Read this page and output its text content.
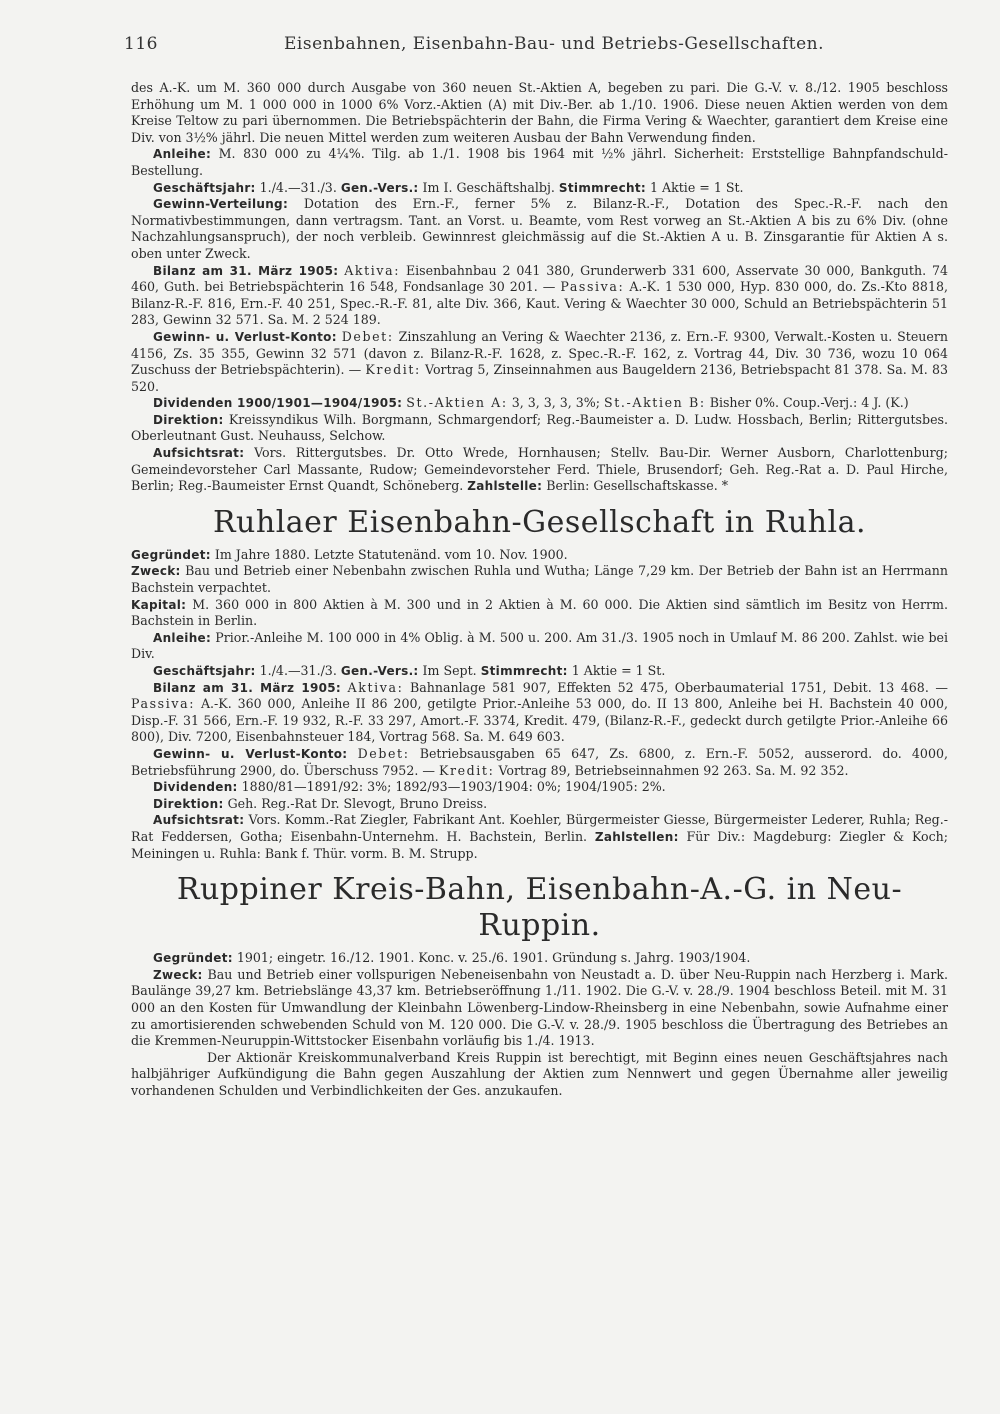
116	Eisenbahnen, Eisenbahn-Bau- und Betriebs-Gesellschaften.

des A.-K. um M. 360 000 durch Ausgabe von 360 neuen St.-Aktien A, begeben zu pari. Die G.-V. v. 8./12. 1905 beschloss Erhöhung um M. 1 000 000 in 1000 6% Vorz.-Aktien (A) mit Div.-Ber. ab 1./10. 1906. Diese neuen Aktien werden von dem Kreise Teltow zu pari übernommen. Die Betriebspächterin der Bahn, die Firma Vering & Waechter, garantiert dem Kreise eine Div. von 3½% jährl. Die neuen Mittel werden zum weiteren Ausbau der Bahn Verwendung finden.

Anleihe: M. 830 000 zu 4¼%. Tilg. ab 1./1. 1908 bis 1964 mit ½% jährl. Sicherheit: Erststellige Bahnpfandschuld-Bestellung.

Geschäftsjahr: 1./4.—31./3. Gen.-Vers.: Im I. Geschäftshalbj. Stimmrecht: 1 Aktie = 1 St.

Gewinn-Verteilung: Dotation des Ern.-F., ferner 5% z. Bilanz-R.-F., Dotation des Spec.-R.-F. nach den Normativbestimmungen, dann vertragsm. Tant. an Vorst. u. Beamte, vom Rest vorweg an St.-Aktien A bis zu 6% Div. (ohne Nachzahlungsanspruch), der noch verbleib. Gewinnrest gleichmässig auf die St.-Aktien A u. B. Zinsgarantie für Aktien A s. oben unter Zweck.

Bilanz am 31. März 1905: Aktiva: Eisenbahnbau 2 041 380, Grunderwerb 331 600, Asservate 30 000, Bankguth. 74 460, Guth. bei Betriebspächterin 16 548, Fondsanlage 30 201. — Passiva: A.-K. 1 530 000, Hyp. 830 000, do. Zs.-Kto 8818, Bilanz-R.-F. 816, Ern.-F. 40 251, Spec.-R.-F. 81, alte Div. 366, Kaut. Vering & Waechter 30 000, Schuld an Betriebspächterin 51 283, Gewinn 32 571. Sa. M. 2 524 189.

Gewinn- u. Verlust-Konto: Debet: Zinszahlung an Vering & Waechter 2136, z. Ern.-F. 9300, Verwalt.-Kosten u. Steuern 4156, Zs. 35 355, Gewinn 32 571 (davon z. Bilanz-R.-F. 1628, z. Spec.-R.-F. 162, z. Vortrag 44, Div. 30 736, wozu 10 064 Zuschuss der Betriebspächterin). — Kredit: Vortrag 5, Zinseinnahmen aus Baugeldern 2136, Betriebspacht 81 378. Sa. M. 83 520.

Dividenden 1900/1901—1904/1905: St.-Aktien A: 3, 3, 3, 3, 3%; St.-Aktien B: Bisher 0%. Coup.-Verj.: 4 J. (K.)

Direktion: Kreissyndikus Wilh. Borgmann, Schmargendorf; Reg.-Baumeister a. D. Ludw. Hossbach, Berlin; Rittergutsbes. Oberleutnant Gust. Neuhauss, Selchow.

Aufsichtsrat: Vors. Rittergutsbes. Dr. Otto Wrede, Hornhausen; Stellv. Bau-Dir. Werner Ausborn, Charlottenburg; Gemeindevorsteher Carl Massante, Rudow; Gemeindevorsteher Ferd. Thiele, Brusendorf; Geh. Reg.-Rat a. D. Paul Hirche, Berlin; Reg.-Baumeister Ernst Quandt, Schöneberg. Zahlstelle: Berlin: Gesellschaftskasse. *

Ruhlaer Eisenbahn-Gesellschaft in Ruhla.

Gegründet: Im Jahre 1880. Letzte Statutenänd. vom 10. Nov. 1900.

Zweck: Bau und Betrieb einer Nebenbahn zwischen Ruhla und Wutha; Länge 7,29 km. Der Betrieb der Bahn ist an Herrmann Bachstein verpachtet.

Kapital: M. 360 000 in 800 Aktien à M. 300 und in 2 Aktien à M. 60 000. Die Aktien sind sämtlich im Besitz von Herrm. Bachstein in Berlin.

Anleihe: Prior.-Anleihe M. 100 000 in 4% Oblig. à M. 500 u. 200. Am 31./3. 1905 noch in Umlauf M. 86 200. Zahlst. wie bei Div.

Geschäftsjahr: 1./4.—31./3. Gen.-Vers.: Im Sept. Stimmrecht: 1 Aktie = 1 St.

Bilanz am 31. März 1905: Aktiva: Bahnanlage 581 907, Effekten 52 475, Oberbaumaterial 1751, Debit. 13 468. — Passiva: A.-K. 360 000, Anleihe II 86 200, getilgte Prior.-Anleihe 53 000, do. II 13 800, Anleihe bei H. Bachstein 40 000, Disp.-F. 31 566, Ern.-F. 19 932, R.-F. 33 297, Amort.-F. 3374, Kredit. 479, (Bilanz-R.-F., gedeckt durch getilgte Prior.-Anleihe 66 800), Div. 7200, Eisenbahnsteuer 184, Vortrag 568. Sa. M. 649 603.

Gewinn- u. Verlust-Konto: Debet: Betriebsausgaben 65 647, Zs. 6800, z. Ern.-F. 5052, ausserord. do. 4000, Betriebsführung 2900, do. Überschuss 7952. — Kredit: Vortrag 89, Betriebseinnahmen 92 263. Sa. M. 92 352.

Dividenden: 1880/81—1891/92: 3%; 1892/93—1903/1904: 0%; 1904/1905: 2%.

Direktion: Geh. Reg.-Rat Dr. Slevogt, Bruno Dreiss.

Aufsichtsrat: Vors. Komm.-Rat Ziegler, Fabrikant Ant. Koehler, Bürgermeister Giesse, Bürgermeister Lederer, Ruhla; Reg.-Rat Feddersen, Gotha; Eisenbahn-Unternehm. H. Bachstein, Berlin. Zahlstellen: Für Div.: Magdeburg: Ziegler & Koch; Meiningen u. Ruhla: Bank f. Thür. vorm. B. M. Strupp.

Ruppiner Kreis-Bahn, Eisenbahn-A.-G. in Neu-Ruppin.

Gegründet: 1901; eingetr. 16./12. 1901. Konc. v. 25./6. 1901. Gründung s. Jahrg. 1903/1904.

Zweck: Bau und Betrieb einer vollspurigen Nebeneisenbahn von Neustadt a. D. über Neu-Ruppin nach Herzberg i. Mark. Baulänge 39,27 km. Betriebslänge 43,37 km. Betriebseröffnung 1./11. 1902. Die G.-V. v. 28./9. 1904 beschloss Beteil. mit M. 31 000 an den Kosten für Umwandlung der Kleinbahn Löwenberg-Lindow-Rheinsberg in eine Nebenbahn, sowie Aufnahme einer zu amortisierenden schwebenden Schuld von M. 120 000. Die G.-V. v. 28./9. 1905 beschloss die Übertragung des Betriebes an die Kremmen-Neuruppin-Wittstocker Eisenbahn vorläufig bis 1./4. 1913.

Der Aktionär Kreiskommunalverband Kreis Ruppin ist berechtigt, mit Beginn eines neuen Geschäftsjahres nach halbjähriger Aufkündigung die Bahn gegen Auszahlung der Aktien zum Nennwert und gegen Übernahme aller jeweilig vorhandenen Schulden und Verbindlichkeiten der Ges. anzukaufen.
